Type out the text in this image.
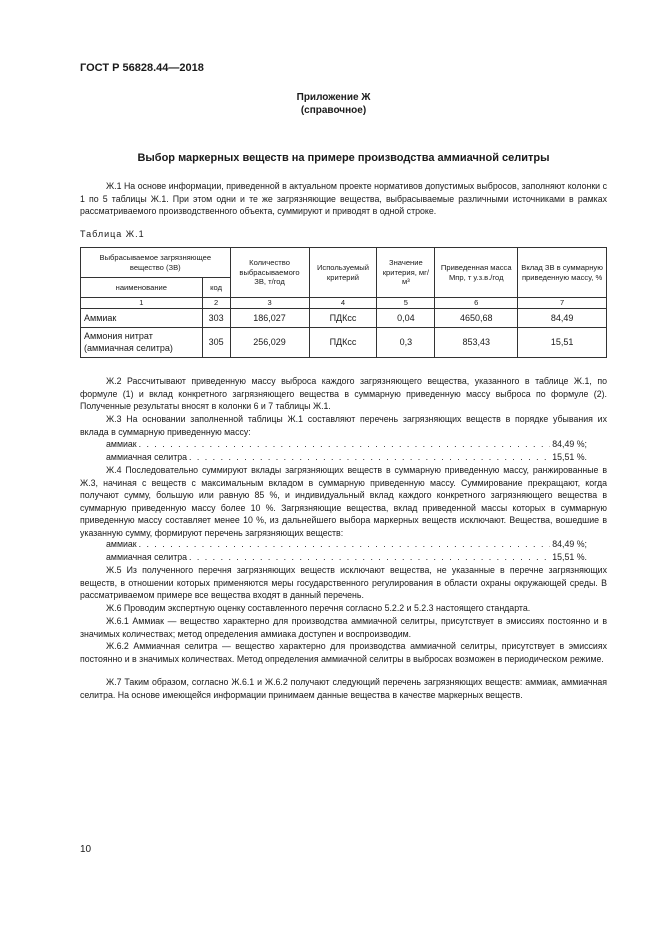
ГОСТ Р 56828.44—2018
Приложение Ж
(справочное)
Выбор маркерных веществ на примере производства аммиачной селитры
Ж.1 На основе информации, приведенной в актуальном проекте нормативов допустимых выбросов, заполняют колонки с 1 по 5 таблицы Ж.1. При этом одни и те же загрязняющие вещества, выбрасываемые различными источниками в рамках рассматриваемого производственного объекта, суммируют и приводят в одной строке.
Таблица Ж.1
Выбрасываемое загрязняющее вещество (ЗВ)		Количество выбрасываемого ЗВ, т/год	Используемый критерий	Значение критерия, мг/м³	Приведенная масса Mпр, т у.з.в./год	Вклад ЗВ в суммарную приведенную массу, %
наименование	код					
1	2	3	4	5	6	7
Аммиак	303	186,027	ПДКсс	0,04	4650,68	84,49
Аммония нитрат (аммиачная селитра)	305	256,029	ПДКсс	0,3	853,43	15,51
Ж.2 Рассчитывают приведенную массу выброса каждого загрязняющего вещества, указанного в таблице Ж.1, по формуле (1) и вклад конкретного загрязняющего вещества в суммарную приведенную массу выброса по формуле (2). Полученные результаты вносят в колонки 6 и 7 таблицы Ж.1.
Ж.3 На основании заполненной таблицы Ж.1 составляют перечень загрязняющих веществ в порядке убывания их вклада в суммарную приведенную массу:
аммиак . . .	84,49 %;
аммиачная селитра . . .	15,51 %.
Ж.4 Последовательно суммируют вклады загрязняющих веществ в суммарную приведенную массу, ранжированные в Ж.3, начиная с веществ с максимальным вкладом в суммарную приведенную массу. Суммирование прекращают, когда получают сумму, большую или равную 85 %, и индивидуальный вклад каждого конкретного загрязняющего вещества в суммарную приведенную массу более 10 %. Загрязняющие вещества, вклад приведенной массы которых в суммарную приведенную массу составляет менее 10 %, из дальнейшего выбора маркерных веществ исключают. Вещества, вошедшие в указанную сумму, формируют перечень загрязняющих веществ:
аммиак . . .	84,49 %;
аммиачная селитра . . .	15,51 %.
Ж.5 Из полученного перечня загрязняющих веществ исключают вещества, не указанные в перечне загрязняющих веществ, в отношении которых применяются меры государственного регулирования в области охраны окружающей среды. В рассматриваемом примере все вещества входят в данный перечень.
Ж.6 Проводим экспертную оценку составленного перечня согласно 5.2.2 и 5.2.3 настоящего стандарта.
Ж.6.1 Аммиак — вещество характерно для производства аммиачной селитры, присутствует в эмиссиях постоянно и в значимых количествах; метод определения аммиака доступен и воспроизводим.
Ж.6.2 Аммиачная селитра — вещество характерно для производства аммиачной селитры, присутствует в эмиссиях постоянно и в значимых количествах. Метод определения аммиачной селитры в выбросах возможен в периодическом режиме.
Ж.7 Таким образом, согласно Ж.6.1 и Ж.6.2 получают следующий перечень загрязняющих веществ: аммиак, аммиачная селитра. На основе имеющейся информации принимаем данные вещества в качестве маркерных веществ.
10
